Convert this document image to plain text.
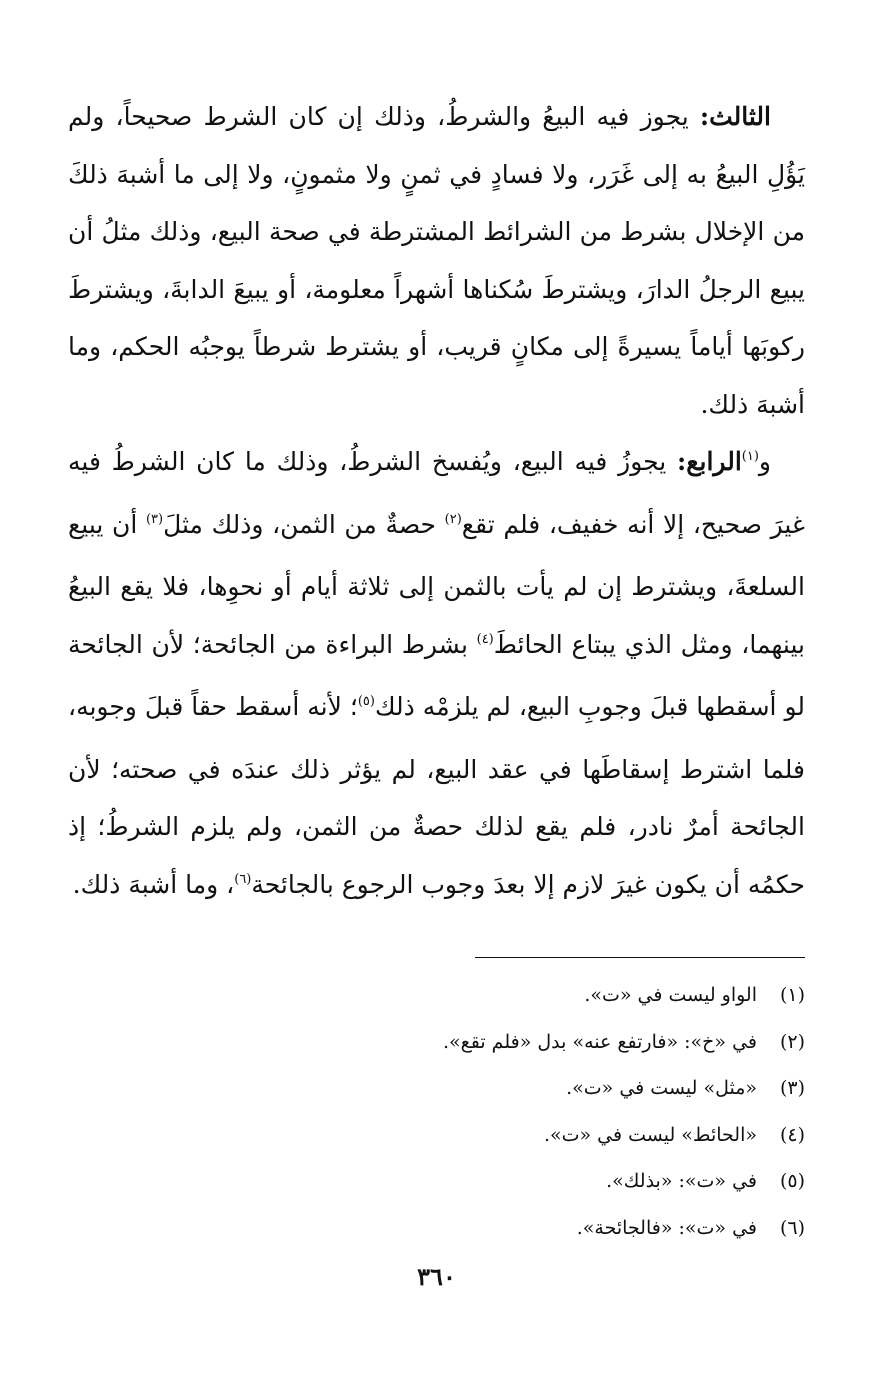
الثالث: يجوز فيه البيعُ والشرطُ، وذلك إن كان الشرط صحيحاً، ولم يَؤُلِ البيعُ به إلى غَرَر، ولا فسادٍ في ثمنٍ ولا مثمونٍ، ولا إلى ما أشبهَ ذلكَ من الإخلال بشرط من الشرائط المشترطة في صحة البيع، وذلك مثلُ أن يبيع الرجلُ الدارَ، ويشترطَ سُكناها أشهراً معلومة، أو يبيعَ الدابةَ، ويشترطَ ركوبَها أياماً يسيرةً إلى مكانٍ قريب، أو يشترط شرطاً يوجبُه الحكم، وما أشبهَ ذلك.

و$^{(١)}$الرابع: يجوزُ فيه البيع، ويُفسخ الشرطُ، وذلك ما كان الشرطُ فيه غيرَ صحيح، إلا أنه خفيف، فلم تقع$^{(٢)}$ حصةٌ من الثمن، وذلك مثلَ$^{(٣)}$ أن يبيع السلعةَ، ويشترط إن لم يأت بالثمن إلى ثلاثة أيام أو نحوِها، فلا يقع البيعُ بينهما، ومثل الذي يبتاع الحائطَ$^{(٤)}$ بشرط البراءة من الجائحة؛ لأن الجائحة لو أسقطها قبلَ وجوبِ البيع، لم يلزمْه ذلك$^{(٥)}$؛ لأنه أسقط حقاً قبلَ وجوبه، فلما اشترط إسقاطَها في عقد البيع، لم يؤثر ذلك عندَه في صحته؛ لأن الجائحة أمرٌ نادر، فلم يقع لذلك حصةٌ من الثمن، ولم يلزم الشرطُ؛ إذ حكمُه أن يكون غيرَ لازم إلا بعدَ وجوب الرجوع بالجائحة$^{(٦)}$، وما أشبهَ ذلك.

(١)
الواو ليست في «ت».
(٢)
في «خ»: «فارتفع عنه» بدل «فلم تقع».
(٣)
«مثل» ليست في «ت».
(٤)
«الحائط» ليست في «ت».
(٥)
في «ت»: «بذلك».
(٦)
في «ت»: «فالجائحة».
٣٦٠
